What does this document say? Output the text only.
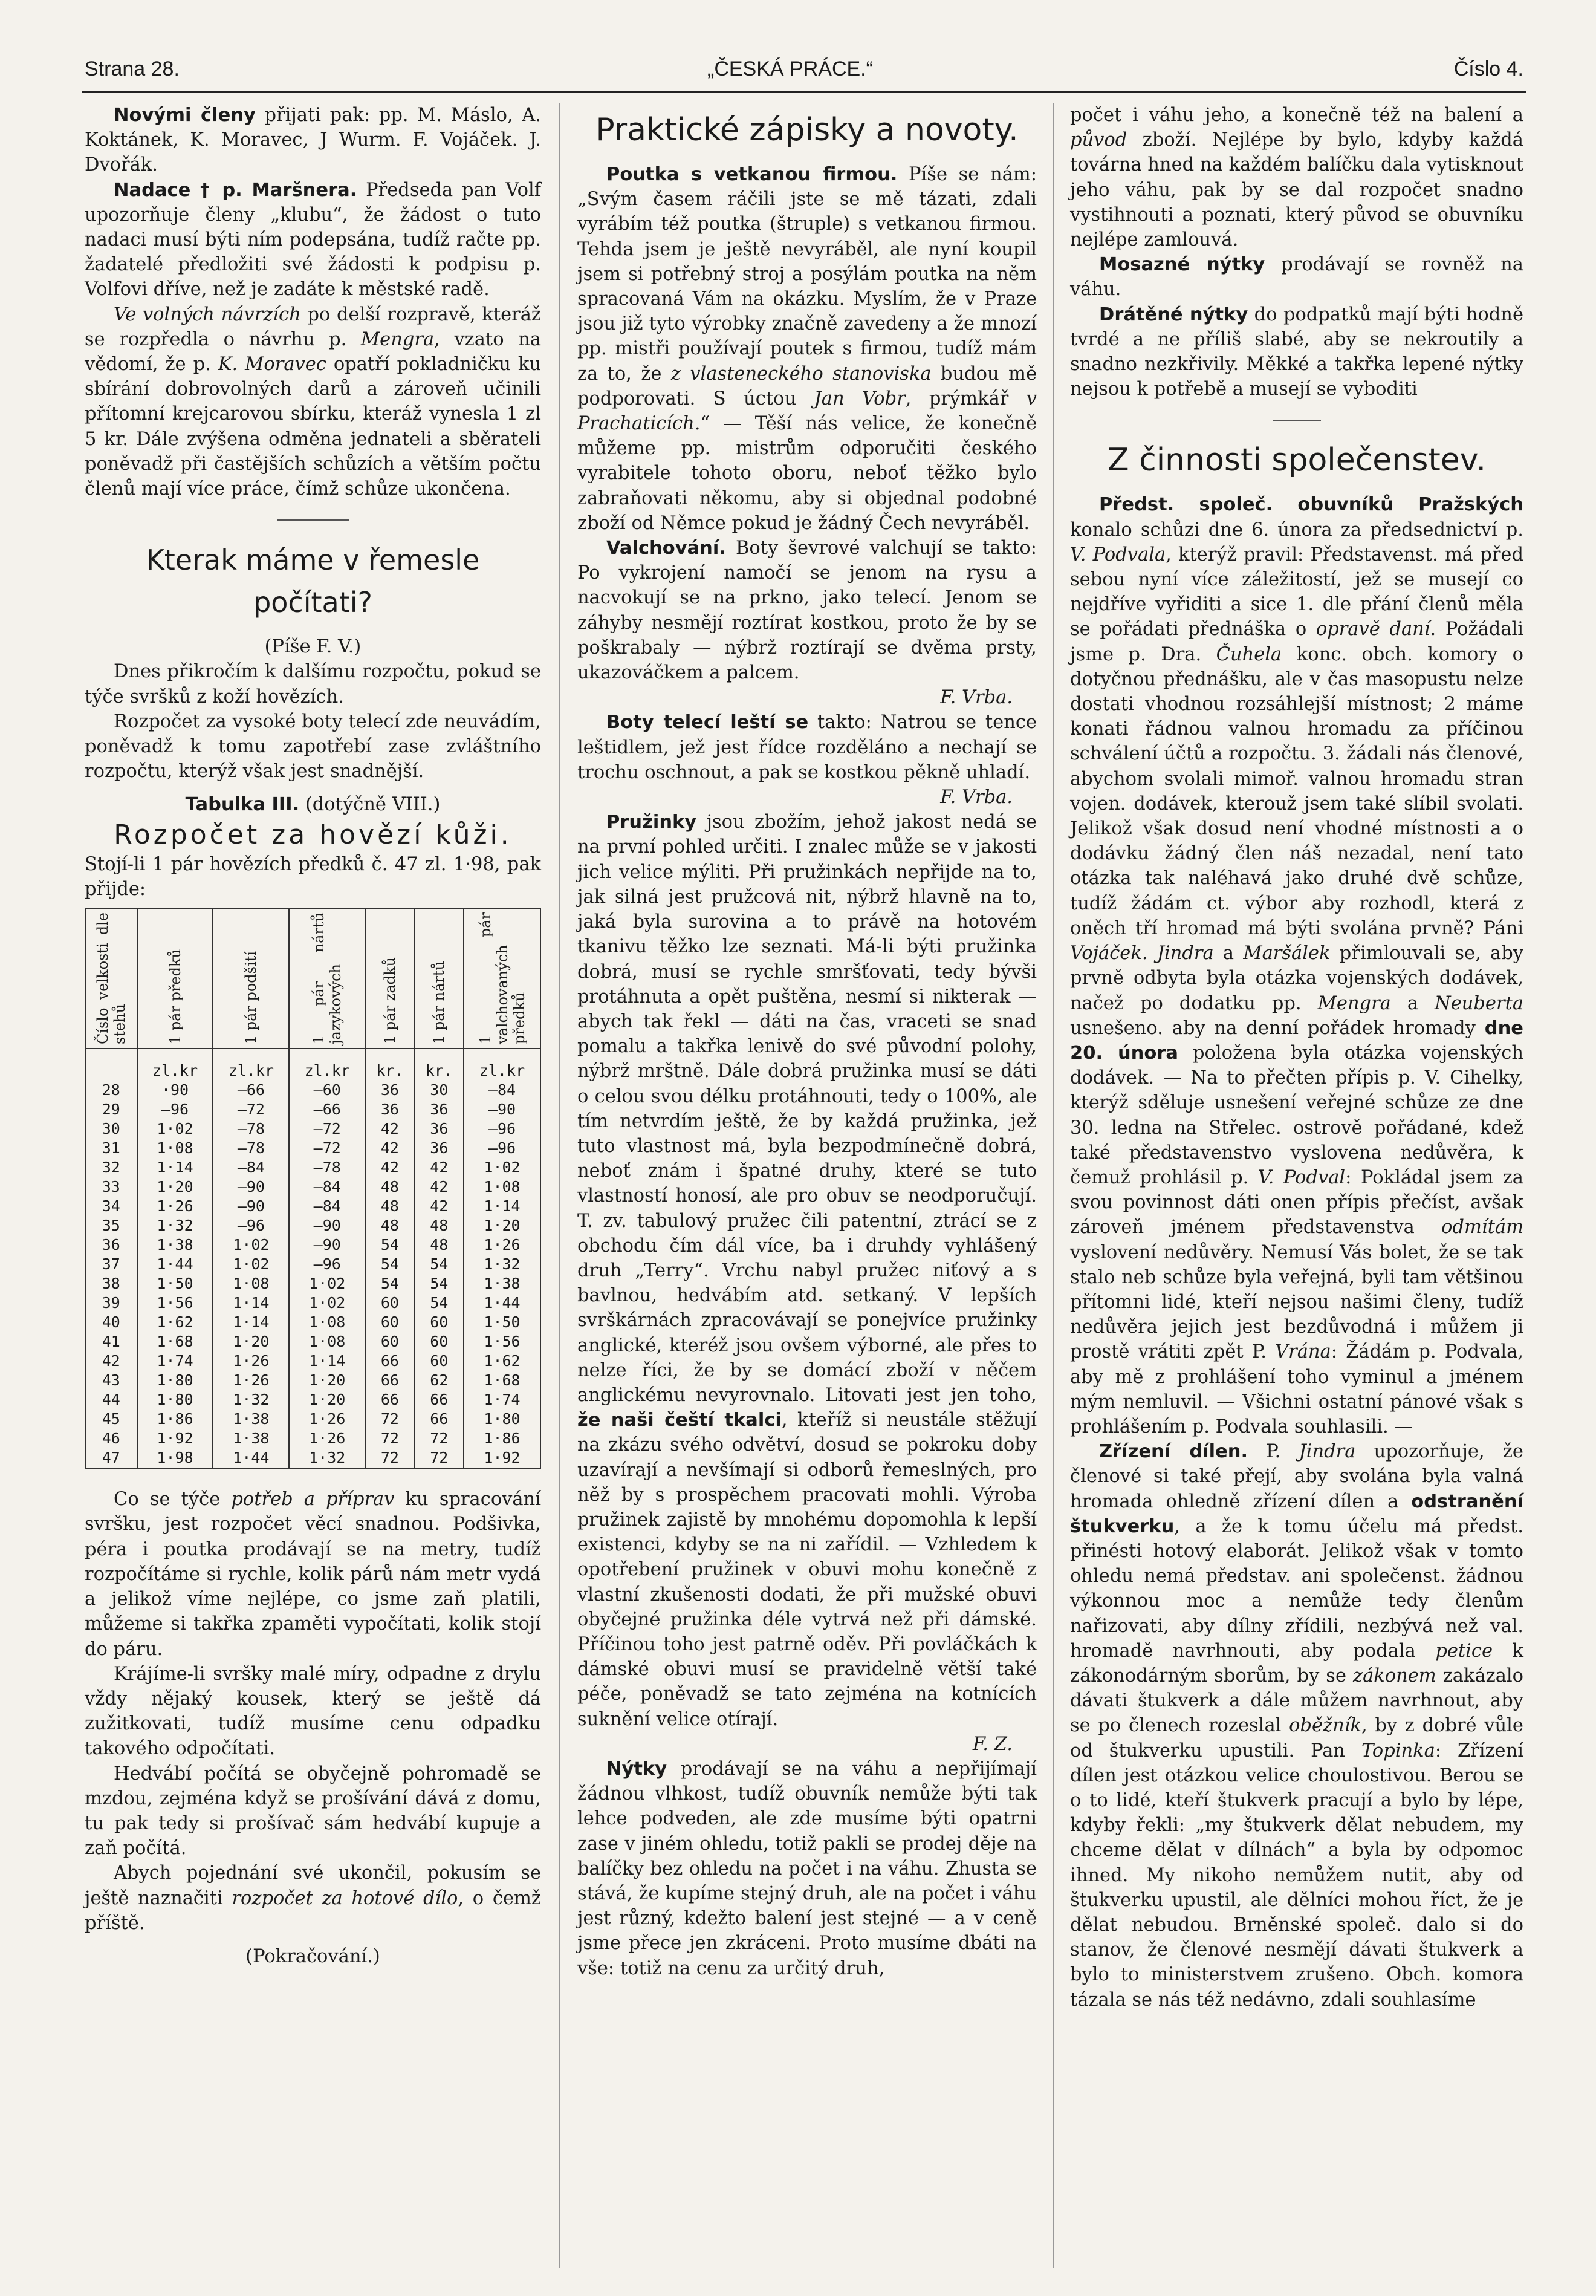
Strana 28.	„ČESKÁ PRÁCE.“	Číslo 4.

Novými členy přijati pak: pp. M. Máslo, A. Koktánek, K. Moravec, J Wurm. F. Vojáček. J. Dvořák.

Nadace † p. Maršnera. Předseda pan Volf upozorňuje členy „klubu“, že žádost o tuto nadaci musí býti ním podepsána, tudíž račte pp. žadatelé předložiti své žádosti k podpisu p. Volfovi dříve, než je zadáte k městské radě.

Ve volných návrzích po delší rozpravě, kteráž se rozpředla o návrhu p. Mengra, vzato na vědomí, že p. K. Moravec opatří pokladničku ku sbírání dobrovolných darů a zároveň učinili přítomní krejcarovou sbírku, kteráž vynesla 1 zl 5 kr. Dále zvýšena odměna jednateli a sběrateli poněvadž při častějších schůzích a větším počtu členů mají více práce, čímž schůze ukončena.

Kterak máme v řemesle počítati?

(Píše F. V.)

Dnes přikročím k dalšímu rozpočtu, pokud se týče svršků z koží hovězích.

Rozpočet za vysoké boty telecí zde neuvádím, poněvadž k tomu zapotřebí zase zvláštního rozpočtu, kterýž však jest snadnější.

Tabulka III. (dotýčně VIII.)

Rozpočet za hovězí kůži.

Stojí-li 1 pár hovězích předků č. 47 zl. 1·98, pak přijde:

Číslo velkosti dle stehů	1 pár předků	1 pár podšití	1 pár nártů jazykových	1 pár zadků	1 pár nártů	1 pár valchovaných předků

	zl.kr	zl.kr	zl.kr	kr.	kr.	zl.kr
28	·90	—66	—60	36	30	—84
29	—96	—72	—66	36	36	—90
30	1·02	—78	—72	42	36	—96
31	1·08	—78	—72	42	36	—96
32	1·14	—84	—78	42	42	1·02
33	1·20	—90	—84	48	42	1·08
34	1·26	—90	—84	48	42	1·14
35	1·32	—96	—90	48	48	1·20
36	1·38	1·02	—90	54	48	1·26
37	1·44	1·02	—96	54	54	1·32
38	1·50	1·08	1·02	54	54	1·38
39	1·56	1·14	1·02	60	54	1·44
40	1·62	1·14	1·08	60	60	1·50
41	1·68	1·20	1·08	60	60	1·56
42	1·74	1·26	1·14	66	60	1·62
43	1·80	1·26	1·20	66	62	1·68
44	1·80	1·32	1·20	66	66	1·74
45	1·86	1·38	1·26	72	66	1·80
46	1·92	1·38	1·26	72	72	1·86
47	1·98	1·44	1·32	72	72	1·92

Co se týče potřeb a příprav ku spracování svršku, jest rozpočet věcí snadnou. Podšivka, péra i poutka prodávají se na metry, tudíž rozpočítáme si rychle, kolik párů nám metr vydá a jelikož víme nejlépe, co jsme zaň platili, můžeme si takřka zpaměti vypočítati, kolik stojí do páru.

Krájíme-li svršky malé míry, odpadne z drylu vždy nějaký kousek, který se ještě dá zužitkovati, tudíž musíme cenu odpadku takového odpočítati.

Hedvábí počítá se obyčejně pohromadě se mzdou, zejména když se prošívání dává z domu, tu pak tedy si prošívač sám hedvábí kupuje a zaň počítá.

Abych pojednání své ukončil, pokusím se ještě naznačiti rozpočet za hotové dílo, o čemž příště.

(Pokračování.)

Praktické zápisky a novoty.

Poutka s vetkanou firmou. Píše se nám: „Svým časem ráčili jste se mě tázati, zdali vyrábím též poutka (štruple) s vetkanou firmou. Tehda jsem je ještě nevyráběl, ale nyní koupil jsem si potřebný stroj a posýlám poutka na něm spracovaná Vám na okázku. Myslím, že v Praze jsou již tyto výrobky značně zavedeny a že mnozí pp. mistři používají poutek s firmou, tudíž mám za to, že z vlasteneckého stanoviska budou mě podporovati. S úctou Jan Vobr, prýmkář v Prachaticích.“ — Těší nás velice, že konečně můžeme pp. mistrům odporučiti českého vyrabitele tohoto oboru, neboť těžko bylo zabraňovati někomu, aby si objednal podobné zboží od Němce pokud je žádný Čech nevyráběl.

Valchování. Boty ševrové valchují se takto: Po vykrojení namočí se jenom na rysu a nacvokují se na prkno, jako telecí. Jenom se záhyby nesmějí roztírat kostkou, proto že by se poškrabaly — nýbrž roztírají se dvěma prsty, ukazováčkem a palcem.

F. Vrba.

Boty telecí leští se takto: Natrou se tence leštidlem, jež jest řídce rozděláno a nechají se trochu oschnout, a pak se kostkou pěkně uhladí.

F. Vrba.

Pružinky jsou zbožím, jehož jakost nedá se na první pohled určiti. I znalec může se v jakosti jich velice mýliti. Při pružinkách nepřijde na to, jak silná jest pružcová nit, nýbrž hlavně na to, jaká byla surovina a to právě na hotovém tkanivu těžko lze seznati. Má-li býti pružinka dobrá, musí se rychle smršťovati, tedy bývši protáhnuta a opět puštěna, nesmí si nikterak — abych tak řekl — dáti na čas, vraceti se snad pomalu a takřka lenivě do své původní polohy, nýbrž mrštně. Dále dobrá pružinka musí se dáti o celou svou délku protáhnouti, tedy o 100%, ale tím netvrdím ještě, že by každá pružinka, jež tuto vlastnost má, byla bezpodmínečně dobrá, neboť znám i špatné druhy, které se tuto vlastností honosí, ale pro obuv se neodporučují. T. zv. tabulový pružec čili patentní, ztrácí se z obchodu čím dál více, ba i druhdy vyhlášený druh „Terry“. Vrchu nabyl pružec niťový a s bavlnou, hedvábím atd. setkaný. V lepších svrškárnách zpracovávají se ponejvíce pružinky anglické, kteréž jsou ovšem výborné, ale přes to nelze říci, že by se domácí zboží v něčem anglickému nevyrovnalo. Litovati jest jen toho, že naši čeští tkalci, kteříž si neustále stěžují na zkázu svého odvětví, dosud se pokroku doby uzavírají a nevšímají si odborů řemeslných, pro něž by s prospěchem pracovati mohli. Výroba pružinek zajistě by mnohému dopomohla k lepší existenci, kdyby se na ni zařídil. — Vzhledem k opotřebení pružinek v obuvi mohu konečně z vlastní zkušenosti dodati, že při mužské obuvi obyčejné pružinka déle vytrvá než při dámské. Příčinou toho jest patrně oděv. Při povláčkách k dámské obuvi musí se pravidelně větší také péče, poněvadž se tato zejména na kotnících suknění velice otírají.

F. Z.

Nýtky prodávají se na váhu a nepřijímají žádnou vlhkost, tudíž obuvník nemůže býti tak lehce podveden, ale zde musíme býti opatrni zase v jiném ohledu, totiž pakli se prodej děje na balíčky bez ohledu na počet i na váhu. Zhusta se stává, že kupíme stejný druh, ale na počet i váhu jest různý, kdežto balení jest stejné — a v ceně jsme přece jen zkráceni. Proto musíme dbáti na vše: totiž na cenu za určitý druh,

počet i váhu jeho, a konečně též na balení a původ zboží. Nejlépe by bylo, kdyby každá továrna hned na každém balíčku dala vytisknout jeho váhu, pak by se dal rozpočet snadno vystihnouti a poznati, který původ se obuvníku nejlépe zamlouvá.

Mosazné nýtky prodávají se rovněž na váhu.

Drátěné nýtky do podpatků mají býti hodně tvrdé a ne příliš slabé, aby se nekroutily a snadno nezkřivily. Měkké a takřka lepené nýtky nejsou k potřebě a musejí se vyboditi

Z činnosti společenstev.

Předst. společ. obuvníků Pražských konalo schůzi dne 6. února za předsednictví p. V. Podvala, kterýž pravil: Představenst. má před sebou nyní více záležitostí, jež se musejí co nejdříve vyřiditi a sice 1. dle přání členů měla se pořádati přednáška o opravě daní. Požádali jsme p. Dra. Čuhela konc. obch. komory o dotyčnou přednášku, ale v čas masopustu nelze dostati vhodnou rozsáhlejší místnost; 2 máme konati řádnou valnou hromadu za příčinou schválení účtů a rozpočtu. 3. žádali nás členové, abychom svolali mimoř. valnou hromadu stran vojen. dodávek, kterouž jsem také slíbil svolati. Jelikož však dosud není vhodné místnosti a o dodávku žádný člen náš nezadal, není tato otázka tak naléhavá jako druhé dvě schůze, tudíž žádám ct. výbor aby rozhodl, která z oněch tří hromad má býti svolána prvně? Páni Vojáček. Jindra a Maršálek přimlouvali se, aby prvně odbyta byla otázka vojenských dodávek, načež po dodatku pp. Mengra a Neuberta usnešeno. aby na denní pořádek hromady dne 20. února položena byla otázka vojenských dodávek. — Na to přečten přípis p. V. Cihelky, kterýž sděluje usnešení veřejné schůze ze dne 30. ledna na Střelec. ostrově pořádané, kdež také představenstvo vyslovena nedůvěra, k čemuž prohlásil p. V. Podval: Pokládal jsem za svou povinnost dáti onen přípis přečíst, avšak zároveň jménem představenstva odmítám vyslovení nedůvěry. Nemusí Vás bolet, že se tak stalo neb schůze byla veřejná, byli tam většinou přítomni lidé, kteří nejsou našimi členy, tudíž nedůvěra jejich jest bezdůvodná i můžem ji prostě vrátiti zpět P. Vrána: Žádám p. Podvala, aby mě z prohlášení toho vyminul a jménem mým nemluvil. — Všichni ostatní pánové však s prohlášením p. Podvala souhlasili. —

Zřízení dílen. P. Jindra upozorňuje, že členové si také přejí, aby svolána byla valná hromada ohledně zřízení dílen a odstranění štukverku, a že k tomu účelu má předst. přinésti hotový elaborát. Jelikož však v tomto ohledu nemá představ. ani společenst. žádnou výkonnou moc a nemůže tedy členům nařizovati, aby dílny zřídili, nezbývá než val. hromadě navrhnouti, aby podala petice k zákonodárným sborům, by se zákonem zakázalo dávati štukverk a dále můžem navrhnout, aby se po členech rozeslal oběžník, by z dobré vůle od štukverku upustili. Pan Topinka: Zřízení dílen jest otázkou velice choulostivou. Berou se o to lidé, kteří štukverk pracují a bylo by lépe, kdyby řekli: „my štukverk dělat nebudem, my chceme dělat v dílnách“ a byla by odpomoc ihned. My nikoho nemůžem nutit, aby od štukverku upustil, ale dělníci mohou říct, že je dělat nebudou. Brněnské společ. dalo si do stanov, že členové nesmějí dávati štukverk a bylo to ministerstvem zrušeno. Obch. komora tázala se nás též nedávno, zdali souhlasíme
